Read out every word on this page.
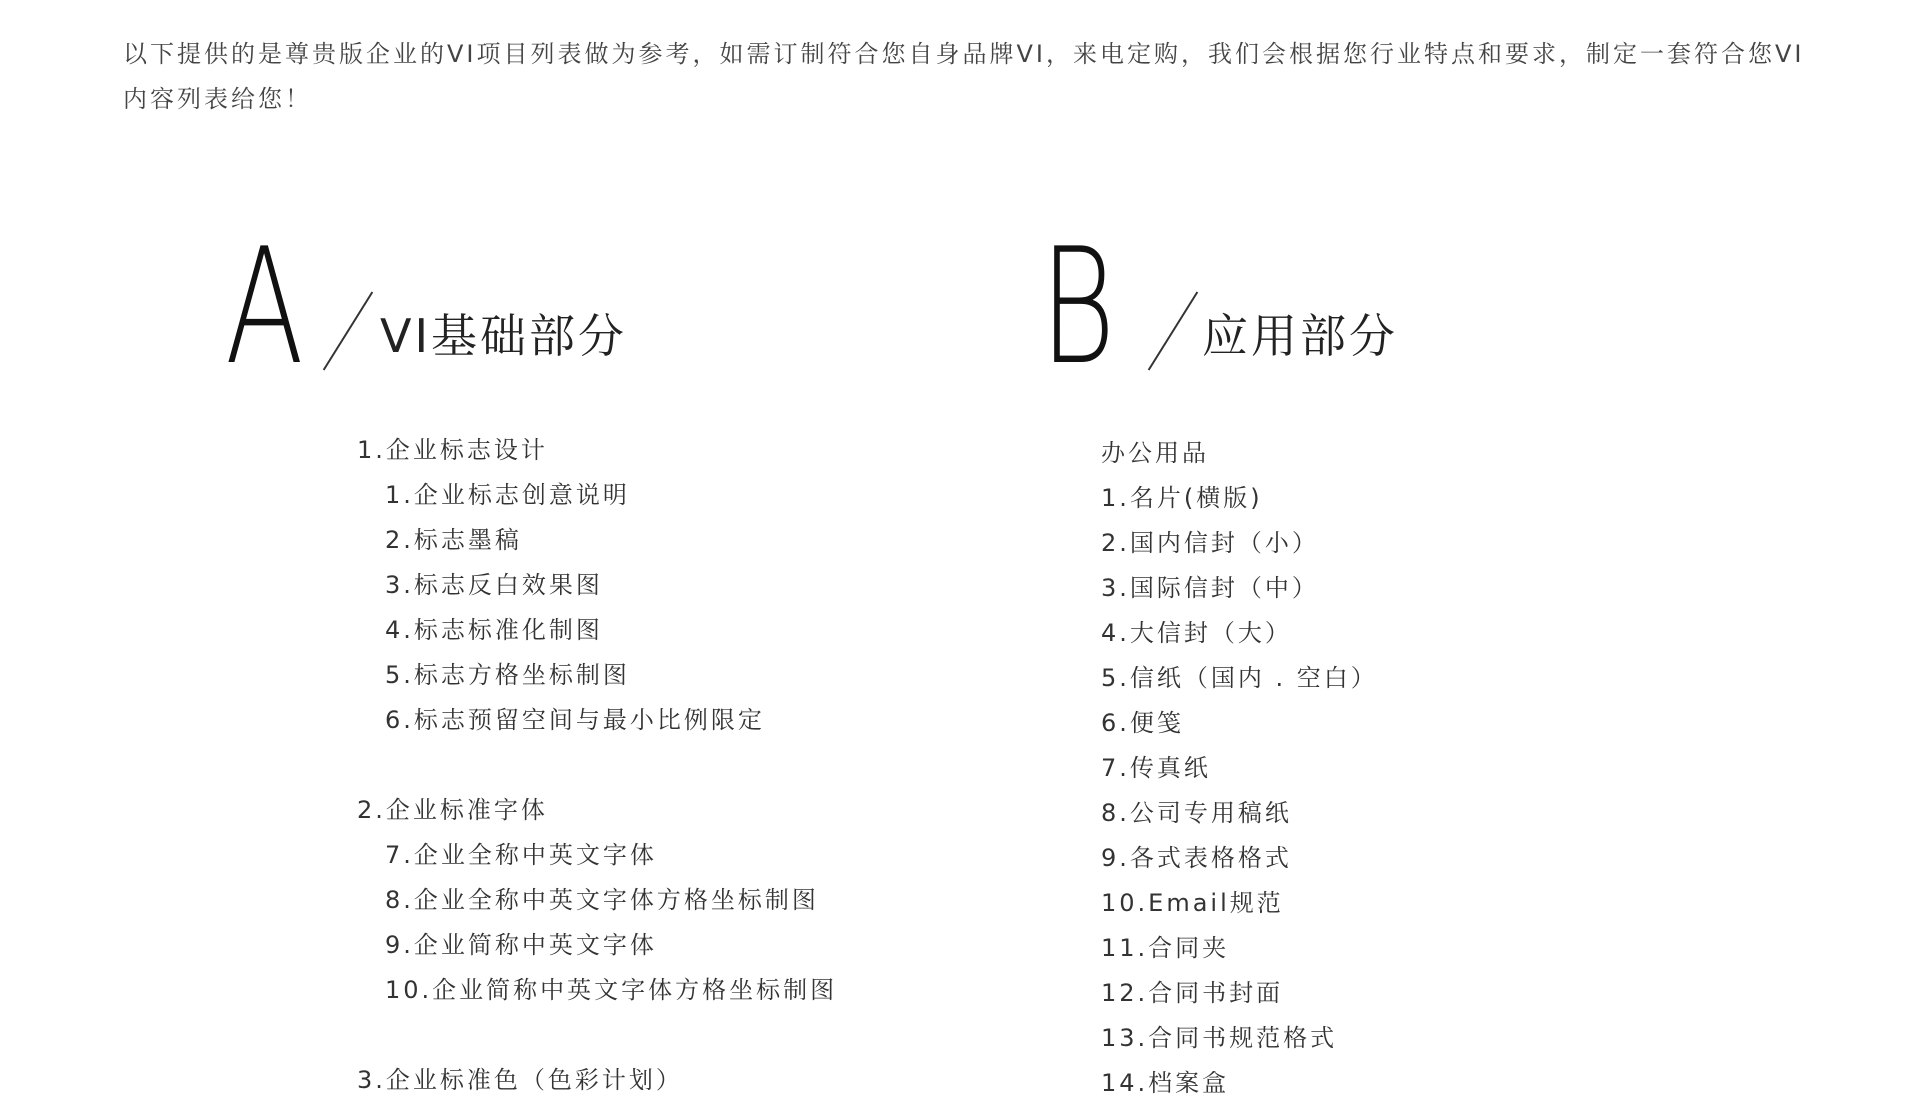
以下提供的是尊贵版企业的VI项目列表做为参考，如需订制符合您自身品牌VI，来电定购，我们会根据您行业特点和要求，制定一套符合您VI内容列表给您！

A VI基础部分	B 应用部分
1.企业标志设计
1.企业标志创意说明
2.标志墨稿
3.标志反白效果图
4.标志标准化制图
5.标志方格坐标制图
6.标志预留空间与最小比例限定
2.企业标准字体
7.企业全称中英文字体
8.企业全称中英文字体方格坐标制图
9.企业简称中英文字体
10.企业简称中英文字体方格坐标制图
3.企业标准色（色彩计划）
办公用品
1.名片(横版)
2.国内信封（小）
3.国际信封（中）
4.大信封（大）
5.信纸（国内 . 空白）
6.便笺
7.传真纸
8.公司专用稿纸
9.各式表格格式
10.Email规范
11.合同夹
12.合同书封面
13.合同书规范格式
14.档案盒
